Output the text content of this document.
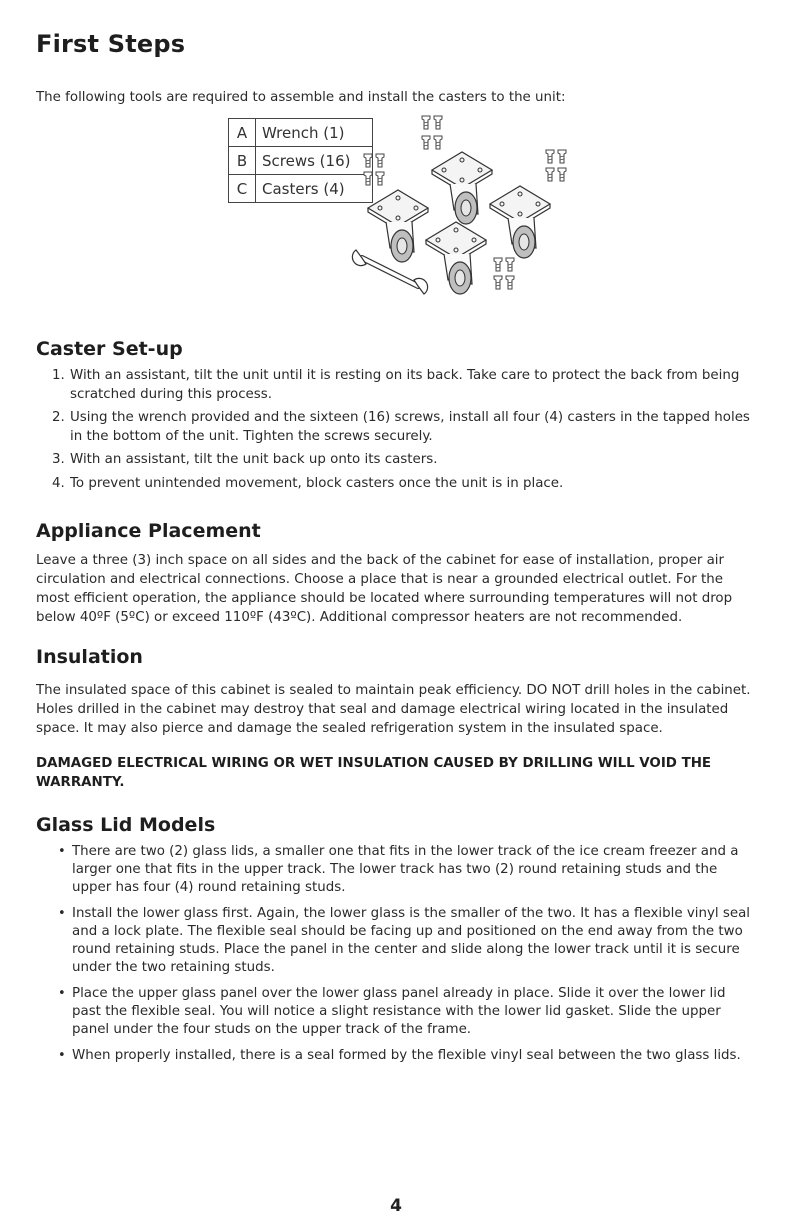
First Steps

The following tools are required to assemble and install the casters to the unit:

A	Wrench (1)
B	Screws (16)
C	Casters (4)
Caster Set-up
1. With an assistant, tilt the unit until it is resting on its back. Take care to protect the back from being scratched during this process.
2. Using the wrench provided and the sixteen (16) screws, install all four (4) casters in the tapped holes in the bottom of the unit. Tighten the screws securely.
3. With an assistant, tilt the unit back up onto its casters.
4. To prevent unintended movement, block casters once the unit is in place.
Appliance Placement

Leave a three (3) inch space on all sides and the back of the cabinet for ease of installation, proper air circulation and electrical connections. Choose a place that is near a grounded electrical outlet. For the most efficient operation, the appliance should be located where surrounding temperatures will not drop below 40ºF (5ºC) or exceed 110ºF (43ºC). Additional compressor heaters are not recommended.

Insulation

The insulated space of this cabinet is sealed to maintain peak efficiency. DO NOT drill holes in the cabinet. Holes drilled in the cabinet may destroy that seal and damage electrical wiring located in the insulated space. It may also pierce and damage the sealed refrigeration system in the insulated space.

DAMAGED ELECTRICAL WIRING OR WET INSULATION CAUSED BY DRILLING WILL VOID THE WARRANTY.

Glass Lid Models
• There are two (2) glass lids, a smaller one that fits in the lower track of the ice cream freezer and a larger one that fits in the upper track. The lower track has two (2) round retaining studs and the upper has four (4) round retaining studs.
• Install the lower glass first. Again, the lower glass is the smaller of the two. It has a flexible vinyl seal and a lock plate. The flexible seal should be facing up and positioned on the end away from the two round retaining studs. Place the panel in the center and slide along the lower track until it is secure under the two retaining studs.
• Place the upper glass panel over the lower glass panel already in place. Slide it over the lower lid past the flexible seal. You will notice a slight resistance with the lower lid gasket. Slide the upper panel under the four studs on the upper track of the frame.
• When properly installed, there is a seal formed by the flexible vinyl seal between the two glass lids.
4
